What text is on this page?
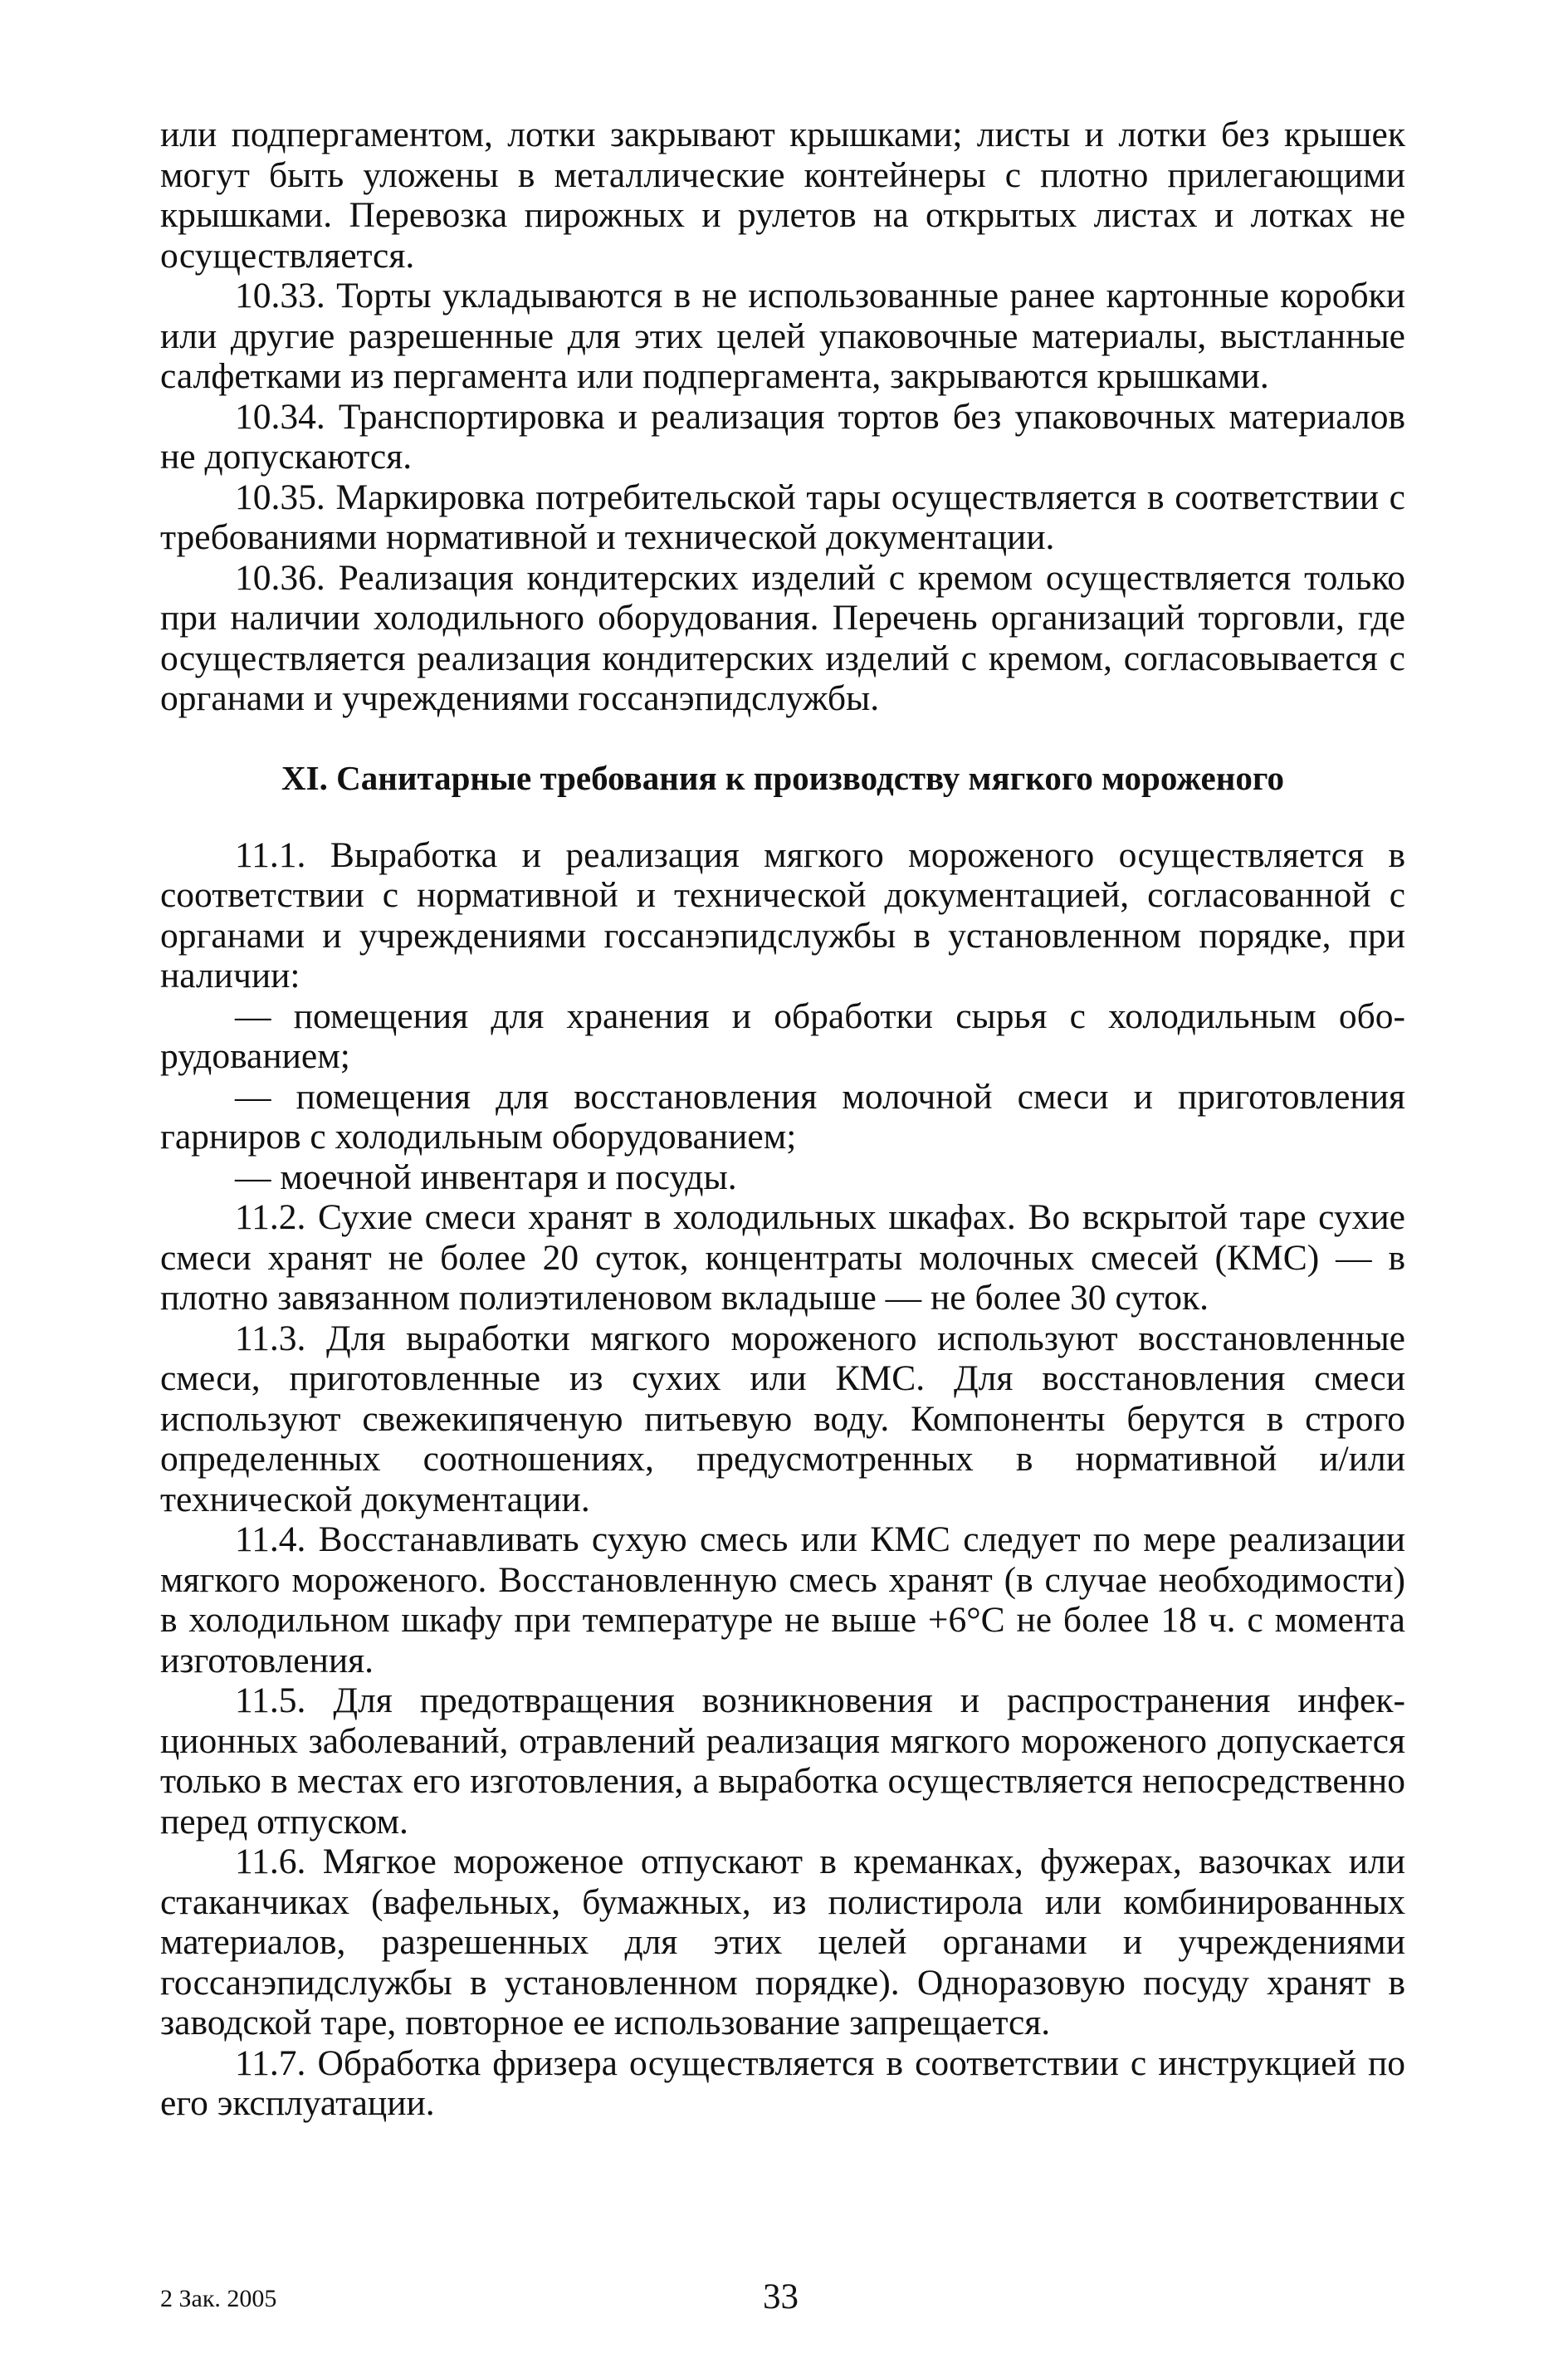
или подпергаментом, лотки закрывают крышками; листы и лотки без крышек могут быть уложены в металлические контейнеры с плотно прилегающими крышками. Перевозка пирожных и рулетов на открытых листах и лотках не осуществляется.

10.33. Торты укладываются в не использованные ранее картонные коробки или другие разрешенные для этих целей упаковочные материалы, выстланные салфетками из пергамента или подпергамента, закрываются крышками.

10.34. Транспортировка и реализация тортов без упаковочных материалов не допускаются.

10.35. Маркировка потребительской тары осуществляется в соответствии с требованиями нормативной и технической документации.

10.36. Реализация кондитерских изделий с кремом осуществляется только при наличии холодильного оборудования. Перечень организаций торговли, где осуществляется реализация кондитерских изделий с кремом, согласовывается с органами и учреждениями госсанэпидслужбы.

XI. Санитарные требования к производству мягкого мороженого

11.1. Выработка и реализация мягкого мороженого осуществляется в соответствии с нормативной и технической документацией, согласованной с органами и учреждениями госсанэпидслужбы в установленном порядке, при наличии:

— помещения для хранения и обработки сырья с холодильным оборудованием;

— помещения для восстановления молочной смеси и приготовления гарниров с холодильным оборудованием;

— моечной инвентаря и посуды.

11.2. Сухие смеси хранят в холодильных шкафах. Во вскрытой таре сухие смеси хранят не более 20 суток, концентраты молочных смесей (КМС) — в плотно завязанном полиэтиленовом вкладыше — не более 30 суток.

11.3. Для выработки мягкого мороженого используют восстановленные смеси, приготовленные из сухих или КМС. Для восстановления смеси используют свежекипяченую питьевую воду. Компоненты берутся в строго определенных соотношениях, предусмотренных в нормативной и/или технической документации.

11.4. Восстанавливать сухую смесь или КМС следует по мере реализации мягкого мороженого. Восстановленную смесь хранят (в случае необходимости) в холодильном шкафу при температуре не выше +6°С не более 18 ч. с момента изготовления.

11.5. Для предотвращения возникновения и распространения инфекционных заболеваний, отравлений реализация мягкого мороженого допускается только в местах его изготовления, а выработка осуществляется непосредственно перед отпуском.

11.6. Мягкое мороженое отпускают в креманках, фужерах, вазочках или стаканчиках (вафельных, бумажных, из полистирола или комбинированных материалов, разрешенных для этих целей органами и учреждениями госсанэпидслужбы в установленном порядке). Одноразовую посуду хранят в заводской таре, повторное ее использование запрещается.

11.7. Обработка фризера осуществляется в соответствии с инструкцией по его эксплуатации.

2 Зак. 2005	33
